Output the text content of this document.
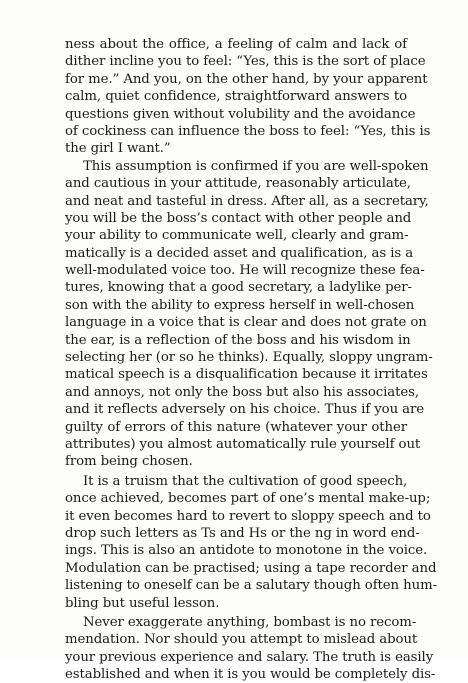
ness about the office, a feeling of calm and lack of
dither incline you to feel: “Yes, this is the sort of place
for me.” And you, on the other hand, by your apparent
calm, quiet confidence, straightforward answers to
questions given without volubility and the avoidance
of cockiness can influence the boss to feel: “Yes, this is
the girl I want.”
This assumption is confirmed if you are well-spoken
and cautious in your attitude, reasonably articulate,
and neat and tasteful in dress. After all, as a secretary,
you will be the boss’s contact with other people and
your ability to communicate well, clearly and gram-
matically is a decided asset and qualification, as is a
well-modulated voice too. He will recognize these fea-
tures, knowing that a good secretary, a ladylike per-
son with the ability to express herself in well-chosen
language in a voice that is clear and does not grate on
the ear, is a reflection of the boss and his wisdom in
selecting her (or so he thinks). Equally, sloppy ungram-
matical speech is a disqualification because it irritates
and annoys, not only the boss but also his associates,
and it reflects adversely on his choice. Thus if you are
guilty of errors of this nature (whatever your other
attributes) you almost automatically rule yourself out
from being chosen.
It is a truism that the cultivation of good speech,
once achieved, becomes part of one’s mental make-up;
it even becomes hard to revert to sloppy speech and to
drop such letters as Ts and Hs or the ng in word end-
ings. This is also an antidote to monotone in the voice.
Modulation can be practised; using a tape recorder and
listening to oneself can be a salutary though often hum-
bling but useful lesson.
Never exaggerate anything, bombast is no recom-
mendation. Nor should you attempt to mislead about
your previous experience and salary. The truth is easily
established and when it is you would be completely dis-
